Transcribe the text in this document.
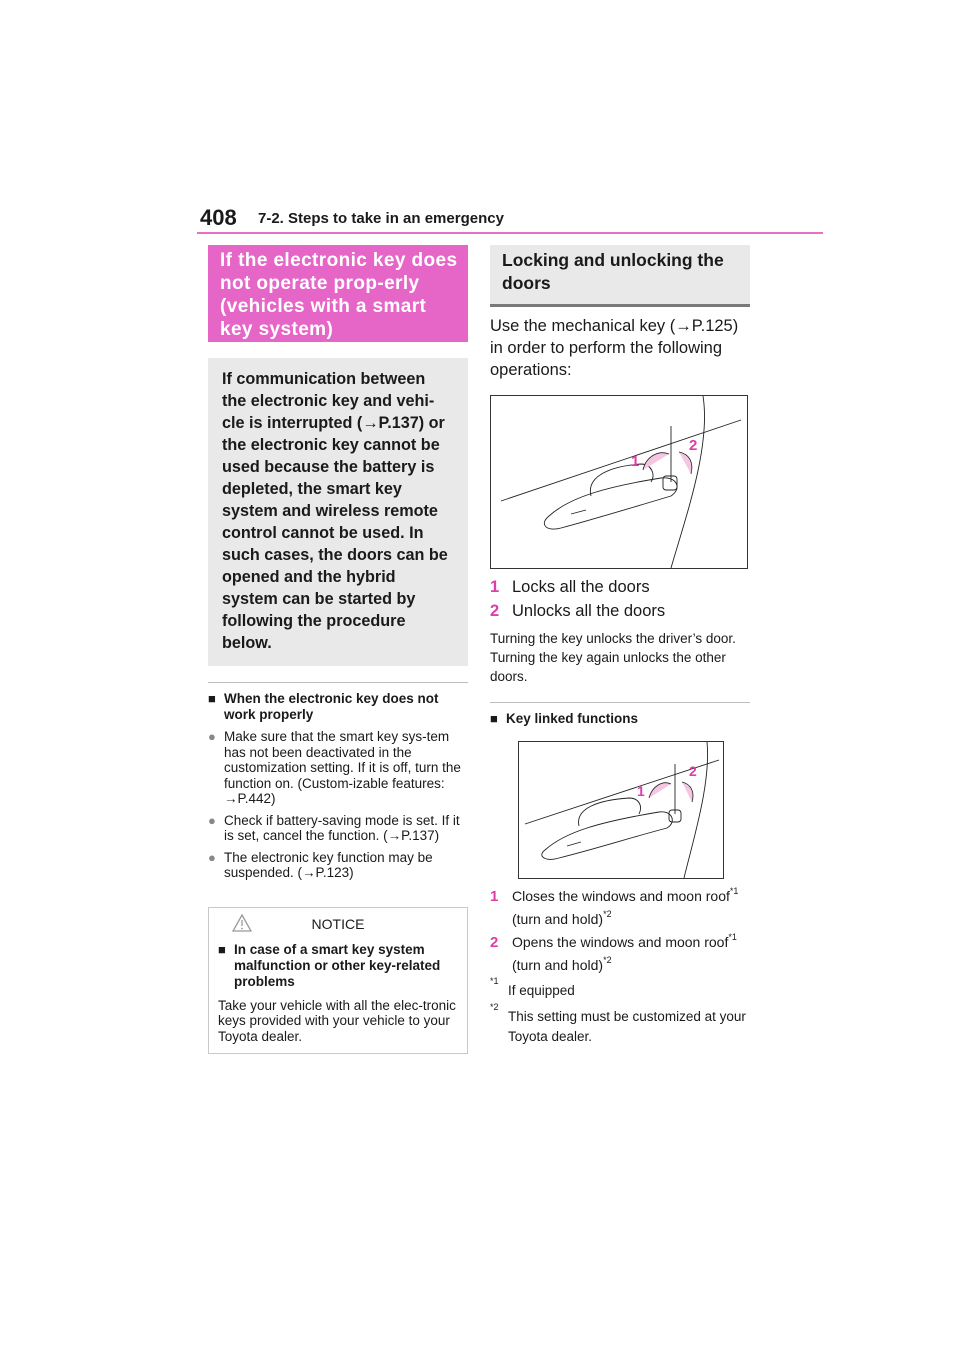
408 7-2. Steps to take in an emergency
If the electronic key does not operate prop-erly (vehicles with a smart key system)
If communication between the electronic key and vehi-cle is interrupted (→P.137) or the electronic key cannot be used because the battery is depleted, the smart key system and wireless remote control cannot be used. In such cases, the doors can be opened and the hybrid system can be started by following the procedure below.
■ When the electronic key does not work properly
● Make sure that the smart key sys-tem has not been deactivated in the customization setting. If it is off, turn the function on. (Custom-izable features: →P.442)
● Check if battery-saving mode is set. If it is set, cancel the function. (→P.137)
● The electronic key function may be suspended. (→P.123)
NOTICE
■ In case of a smart key system malfunction or other key-related problems
Take your vehicle with all the elec-tronic keys provided with your vehicle to your Toyota dealer.
Locking and unlocking the doors
Use the mechanical key (→P.125) in order to perform the following operations:
1
2
1 Locks all the doors
2 Unlocks all the doors
Turning the key unlocks the driver’s door. Turning the key again unlocks the other doors.
■ Key linked functions
1
2
1 Closes the windows and moon roof$^{*1}$ (turn and hold)$^{*2}$
2 Opens the windows and moon roof$^{*1}$ (turn and hold)$^{*2}$
*1
If equipped
*2
This setting must be customized at your Toyota dealer.
